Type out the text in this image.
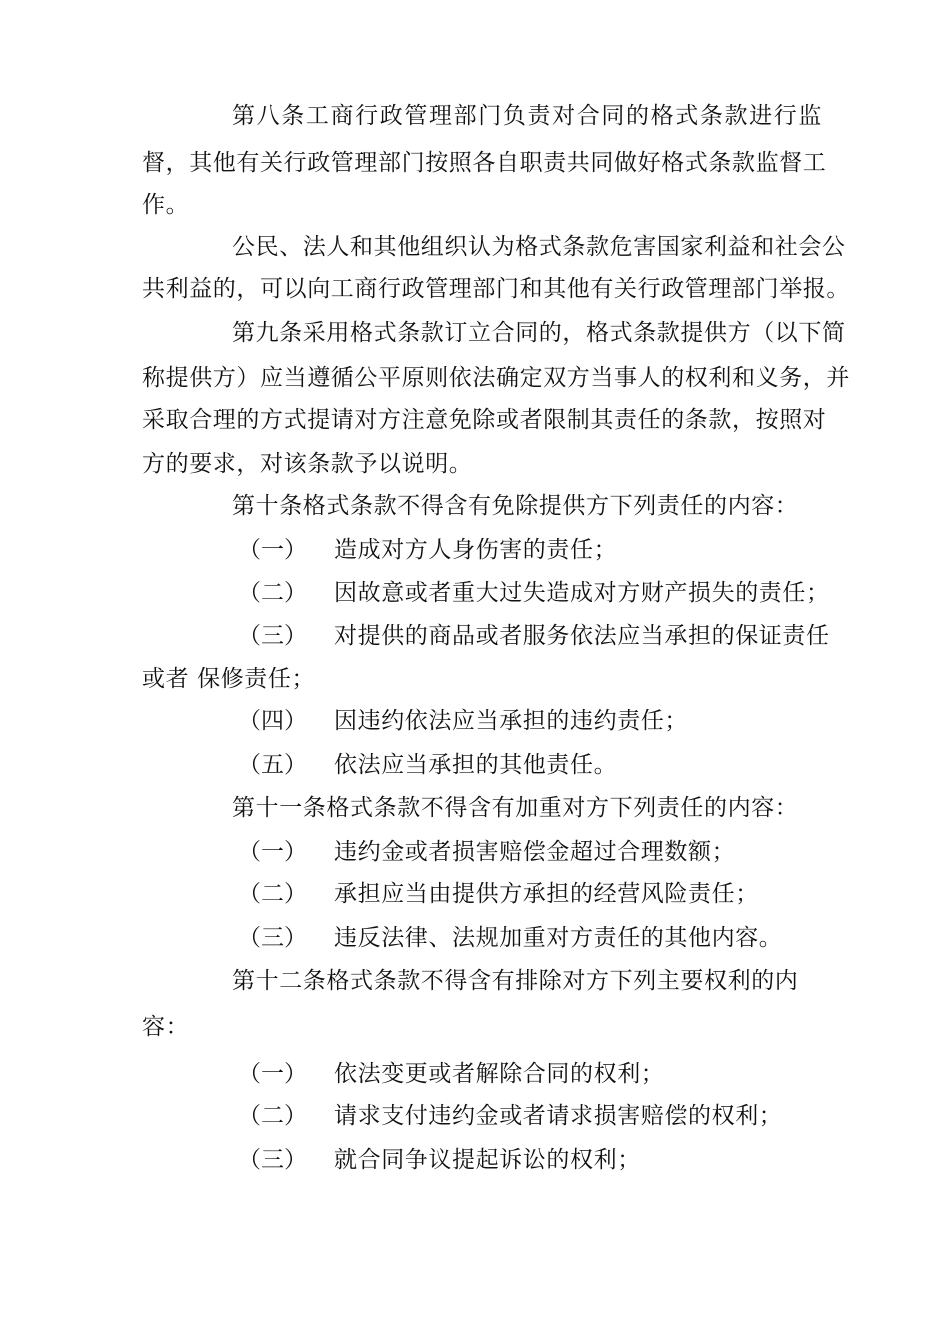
第八条工商行政管理部门负责对合同的格式条款进行监
督，其他有关行政管理部门按照各自职责共同做好格式条款监督工
作。
公民、法人和其他组织认为格式条款危害国家利益和社会公
共利益的，可以向工商行政管理部门和其他有关行政管理部门举报。
第九条采用格式条款订立合同的，格式条款提供方（以下简
称提供方）应当遵循公平原则依法确定双方当事人的权利和义务，并
采取合理的方式提请对方注意免除或者限制其责任的条款，按照对
方的要求，对该条款予以说明。
第十条格式条款不得含有免除提供方下列责任的内容：
（一） 造成对方人身伤害的责任；
（二） 因故意或者重大过失造成对方财产损失的责任；
（三） 对提供的商品或者服务依法应当承担的保证责任
或者 保修责任；
（四） 因违约依法应当承担的违约责任；
（五） 依法应当承担的其他责任。
第十一条格式条款不得含有加重对方下列责任的内容：
（一） 违约金或者损害赔偿金超过合理数额；
（二） 承担应当由提供方承担的经营风险责任；
（三） 违反法律、法规加重对方责任的其他内容。
第十二条格式条款不得含有排除对方下列主要权利的内
容：
（一） 依法变更或者解除合同的权利；
（二） 请求支付违约金或者请求损害赔偿的权利；
（三） 就合同争议提起诉讼的权利；
